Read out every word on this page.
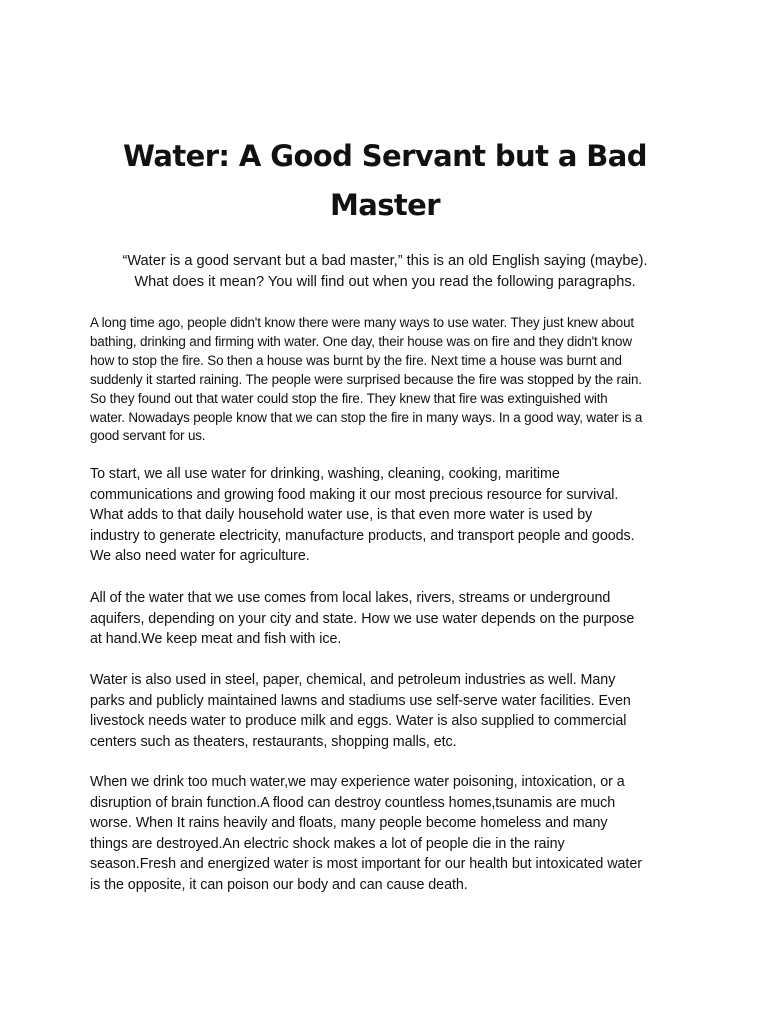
Water: A Good Servant but a Bad
Master

“Water is a good servant but a bad master,” this is an old English saying (maybe).
What does it mean? You will find out when you read the following paragraphs.

A long time ago, people didn't know there were many ways to use water. They just knew about
bathing, drinking and firming with water. One day, their house was on fire and they didn't know
how to stop the fire. So then a house was burnt by the fire. Next time a house was burnt and
suddenly it started raining. The people were surprised because the fire was stopped by the rain.
So they found out that water could stop the fire. They knew that fire was extinguished with
water. Nowadays people know that we can stop the fire in many ways. In a good way, water is a
good servant for us.

To start, we all use water for drinking, washing, cleaning, cooking, maritime
communications and growing food making it our most precious resource for survival.
What adds to that daily household water use, is that even more water is used by
industry to generate electricity, manufacture products, and transport people and goods.
We also need water for agriculture.

All of the water that we use comes from local lakes, rivers, streams or underground
aquifers, depending on your city and state. How we use water depends on the purpose
at hand.We keep meat and fish with ice.

Water is also used in steel, paper, chemical, and petroleum industries as well. Many
parks and publicly maintained lawns and stadiums use self-serve water facilities. Even
livestock needs water to produce milk and eggs. Water is also supplied to commercial
centers such as theaters, restaurants, shopping malls, etc.

When we drink too much water,we may experience water poisoning, intoxication, or a
disruption of brain function.A flood can destroy countless homes,tsunamis are much
worse. When It rains heavily and floats, many people become homeless and many
things are destroyed.An electric shock makes a lot of people die in the rainy
season.Fresh and energized water is most important for our health but intoxicated water
is the opposite, it can poison our body and can cause death.
